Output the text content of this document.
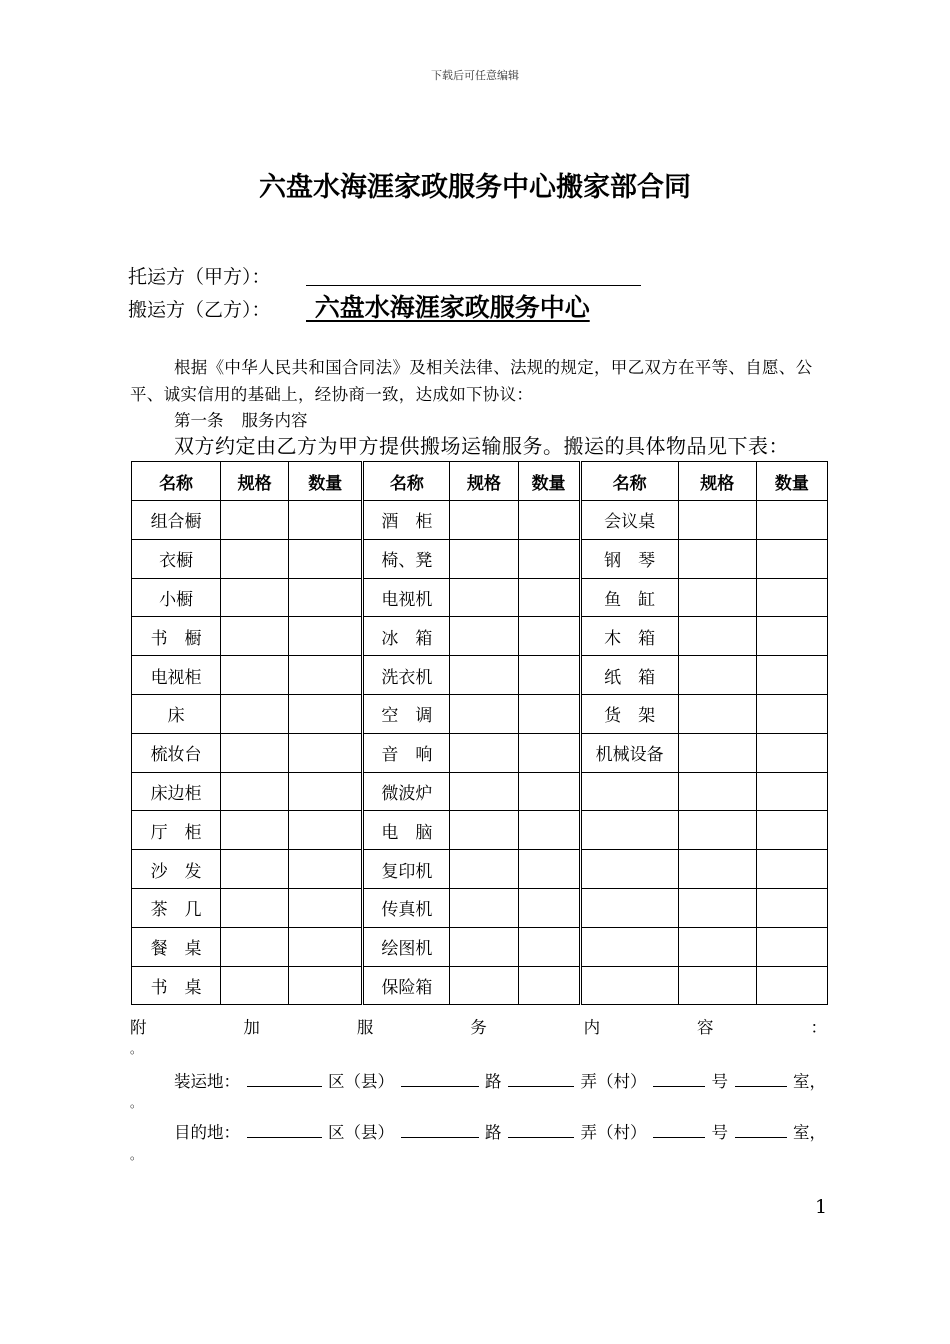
下载后可任意编辑
六盘水海涯家政服务中心搬家部合同
托运方（甲方）：
搬运方（乙方）： 六盘水海涯家政服务中心
根据《中华人民共和国合同法》及相关法律、法规的规定，甲乙双方在平等、自愿、公平、诚实信用的基础上，经协商一致，达成如下协议：
第一条 服务内容
双方约定由乙方为甲方提供搬场运输服务。搬运的具体物品见下表：
名称	规格	数量	名称	规格	数量	名称	规格	数量
组合橱			酒　柜			会议桌		
衣橱			椅、凳			钢　琴		
小橱			电视机			鱼　缸		
书　橱			冰　箱			木　箱		
电视柜			洗衣机			纸　箱		
床			空　调			货　架		
梳妆台			音　响			机械设备		
床边柜			微波炉					
厅　柜			电　脑					
沙　发			复印机					
茶　几			传真机					
餐　桌			绘图机					
书　桌			保险箱					
附	加	服	务	内	容	：
。
装运地：	区（县）	路	弄（村）	号	室，
。
目的地：	区（县）	路	弄（村）	号	室，
。
1
